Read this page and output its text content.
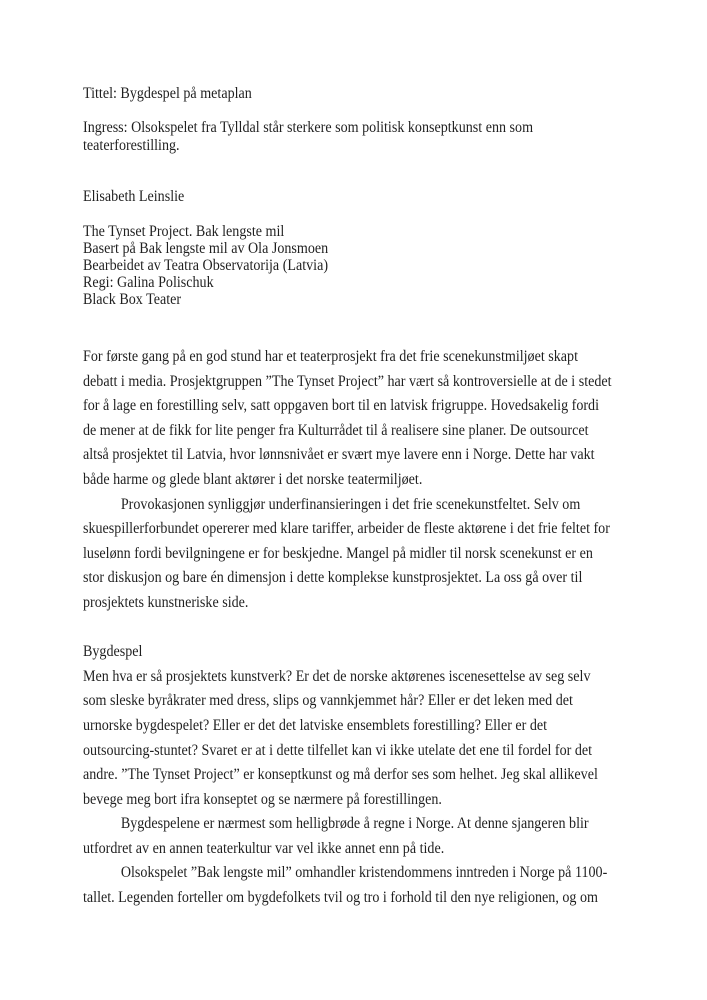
Tittel: Bygdespel på metaplan
Ingress: Olsokspelet fra Tylldal står sterkere som politisk konseptkunst enn som
teaterforestilling.
Elisabeth Leinslie
The Tynset Project. Bak lengste mil
Basert på Bak lengste mil av Ola Jonsmoen
Bearbeidet av Teatra Observatorija (Latvia)
Regi: Galina Polischuk
Black Box Teater
For første gang på en god stund har et teaterprosjekt fra det frie scenekunstmiljøet skapt
debatt i media. Prosjektgruppen ”The Tynset Project” har vært så kontroversielle at de i stedet
for å lage en forestilling selv, satt oppgaven bort til en latvisk frigruppe. Hovedsakelig fordi
de mener at de fikk for lite penger fra Kulturrådet til å realisere sine planer. De outsourcet
altså prosjektet til Latvia, hvor lønnsnivået er svært mye lavere enn i Norge. Dette har vakt
både harme og glede blant aktører i det norske teatermiljøet.
Provokasjonen synliggjør underfinansieringen i det frie scenekunstfeltet. Selv om
skuespillerforbundet opererer med klare tariffer, arbeider de fleste aktørene i det frie feltet for
luselønn fordi bevilgningene er for beskjedne. Mangel på midler til norsk scenekunst er en
stor diskusjon og bare én dimensjon i dette komplekse kunstprosjektet. La oss gå over til
prosjektets kunstneriske side.
Bygdespel
Men hva er så prosjektets kunstverk? Er det de norske aktørenes iscenesettelse av seg selv
som sleske byråkrater med dress, slips og vannkjemmet hår? Eller er det leken med det
urnorske bygdespelet? Eller er det det latviske ensemblets forestilling? Eller er det
outsourcing-stuntet? Svaret er at i dette tilfellet kan vi ikke utelate det ene til fordel for det
andre. ”The Tynset Project” er konseptkunst og må derfor ses som helhet. Jeg skal allikevel
bevege meg bort ifra konseptet og se nærmere på forestillingen.
Bygdespelene er nærmest som helligbrøde å regne i Norge. At denne sjangeren blir
utfordret av en annen teaterkultur var vel ikke annet enn på tide.
Olsokspelet ”Bak lengste mil” omhandler kristendommens inntreden i Norge på 1100-
tallet. Legenden forteller om bygdefolkets tvil og tro i forhold til den nye religionen, og om
